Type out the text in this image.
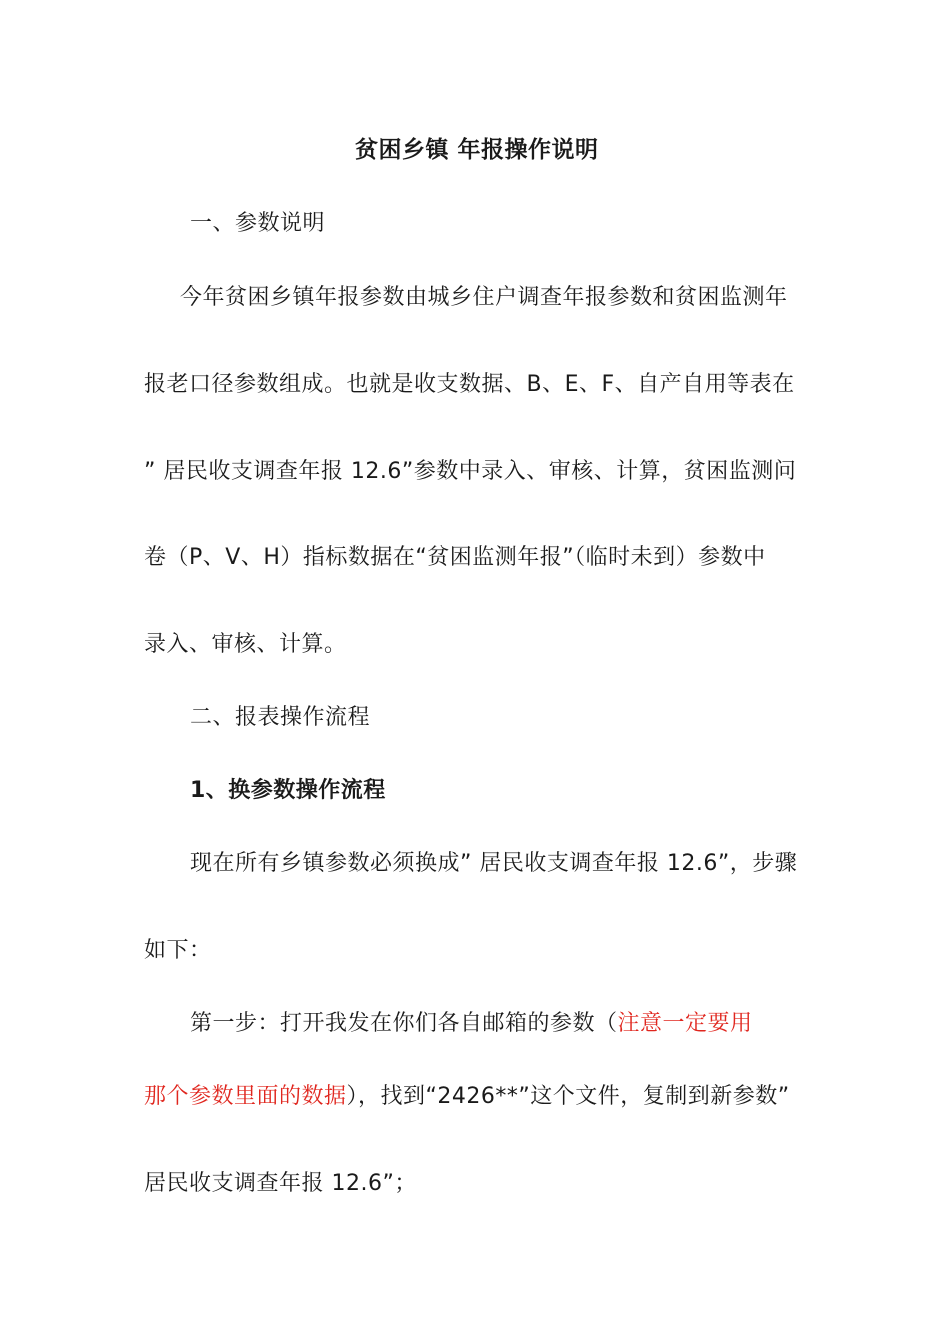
贫困乡镇 年报操作说明
一、参数说明
今年贫困乡镇年报参数由城乡住户调查年报参数和贫困监测年
报老口径参数组成。也就是收支数据、B、E、F、自产自用等表在
” 居民收支调查年报 12.6”参数中录入、审核、计算，贫困监测问
卷（P、V、H）指标数据在“贫困监测年报”（临时未到）参数中
录入、审核、计算。
二、报表操作流程
1、换参数操作流程
现在所有乡镇参数必须换成” 居民收支调查年报 12.6”，步骤
如下：
第一步：打开我发在你们各自邮箱的参数（注意一定要用
那个参数里面的数据），找到“2426**”这个文件，复制到新参数”
居民收支调查年报 12.6”；
